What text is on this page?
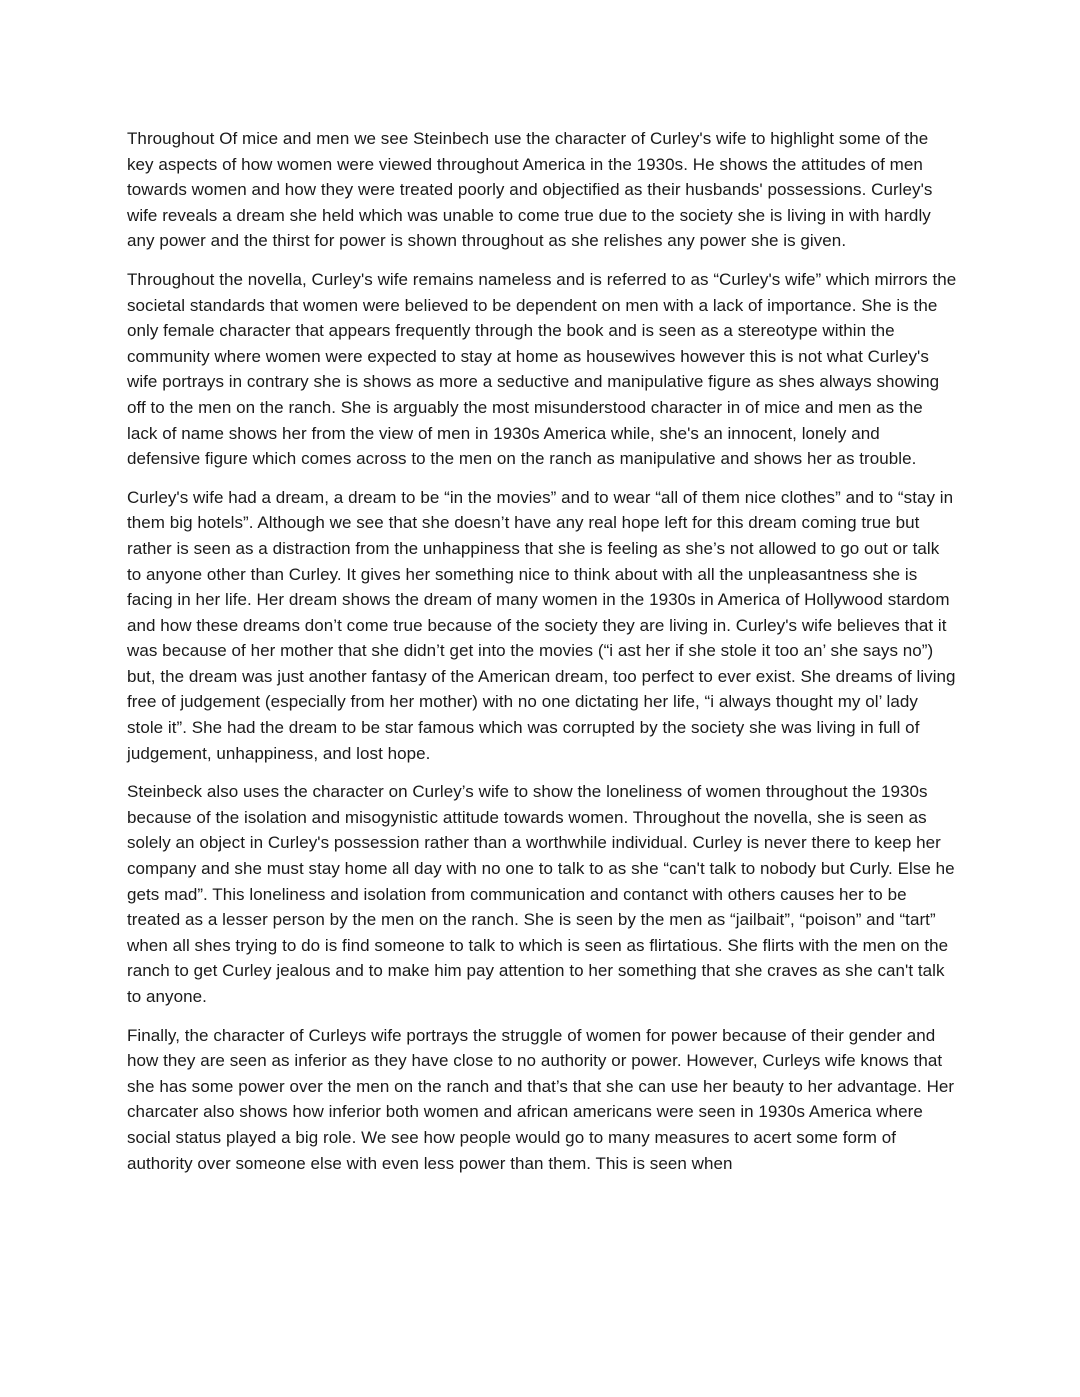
Throughout Of mice and men we see Steinbech use the character of Curley's wife to highlight some of the key aspects of how women were viewed throughout America in the 1930s. He shows the attitudes of men towards women and how they were treated poorly and objectified as their husbands' possessions. Curley's wife reveals a dream she held which was unable to come true due to the society she is living in with hardly any power and the thirst for power is shown throughout as she relishes any power she is given.

Throughout the novella, Curley's wife remains nameless and is referred to as “Curley's wife” which mirrors the societal standards that women were believed to be dependent on men with a lack of importance. She is the only female character that appears frequently through the book and is seen as a stereotype within the community where women were expected to stay at home as housewives however this is not what Curley's wife portrays in contrary she is shows as more a seductive and manipulative figure as shes always showing off to the men on the ranch. She is arguably the most misunderstood character in of mice and men as the lack of name shows her from the view of men in 1930s America while, she's an innocent, lonely and defensive figure which comes across to the men on the ranch as manipulative and shows her as trouble.

Curley's wife had a dream, a dream to be “in the movies” and to wear “all of them nice clothes” and to “stay in them big hotels”. Although we see that she doesn’t have any real hope left for this dream coming true but rather is seen as a distraction from the unhappiness that she is feeling as she’s not allowed to go out or talk to anyone other than Curley. It gives her something nice to think about with all the unpleasantness she is facing in her life. Her dream shows the dream of many women in the 1930s in America of Hollywood stardom and how these dreams don’t come true because of the society they are living in. Curley's wife believes that it was because of her mother that she didn’t get into the movies (“i ast her if she stole it too an’ she says no”) but, the dream was just another fantasy of the American dream, too perfect to ever exist. She dreams of living free of judgement (especially from her mother) with no one dictating her life, “i always thought my ol’ lady stole it”. She had the dream to be star famous which was corrupted by the society she was living in full of judgement, unhappiness, and lost hope.

Steinbeck also uses the character on Curley’s wife to show the loneliness of women throughout the 1930s because of the isolation and misogynistic attitude towards women. Throughout the novella, she is seen as solely an object in Curley's possession rather than a worthwhile individual. Curley is never there to keep her company and she must stay home all day with no one to talk to as she “can't talk to nobody but Curly. Else he gets mad”. This loneliness and isolation from communication and contanct with others causes her to be treated as a lesser person by the men on the ranch. She is seen by the men as “jailbait”, “poison” and “tart” when all shes trying to do is find someone to talk to which is seen as flirtatious. She flirts with the men on the ranch to get Curley jealous and to make him pay attention to her something that she craves as she can't talk to anyone.

Finally, the character of Curleys wife portrays the struggle of women for power because of their gender and how they are seen as inferior as they have close to no authority or power. However, Curleys wife knows that she has some power over the men on the ranch and that’s that she can use her beauty to her advantage. Her charcater also shows how inferior both women and african americans were seen in 1930s America where social status played a big role. We see how people would go to many measures to acert some form of authority over someone else with even less power than them. This is seen when
